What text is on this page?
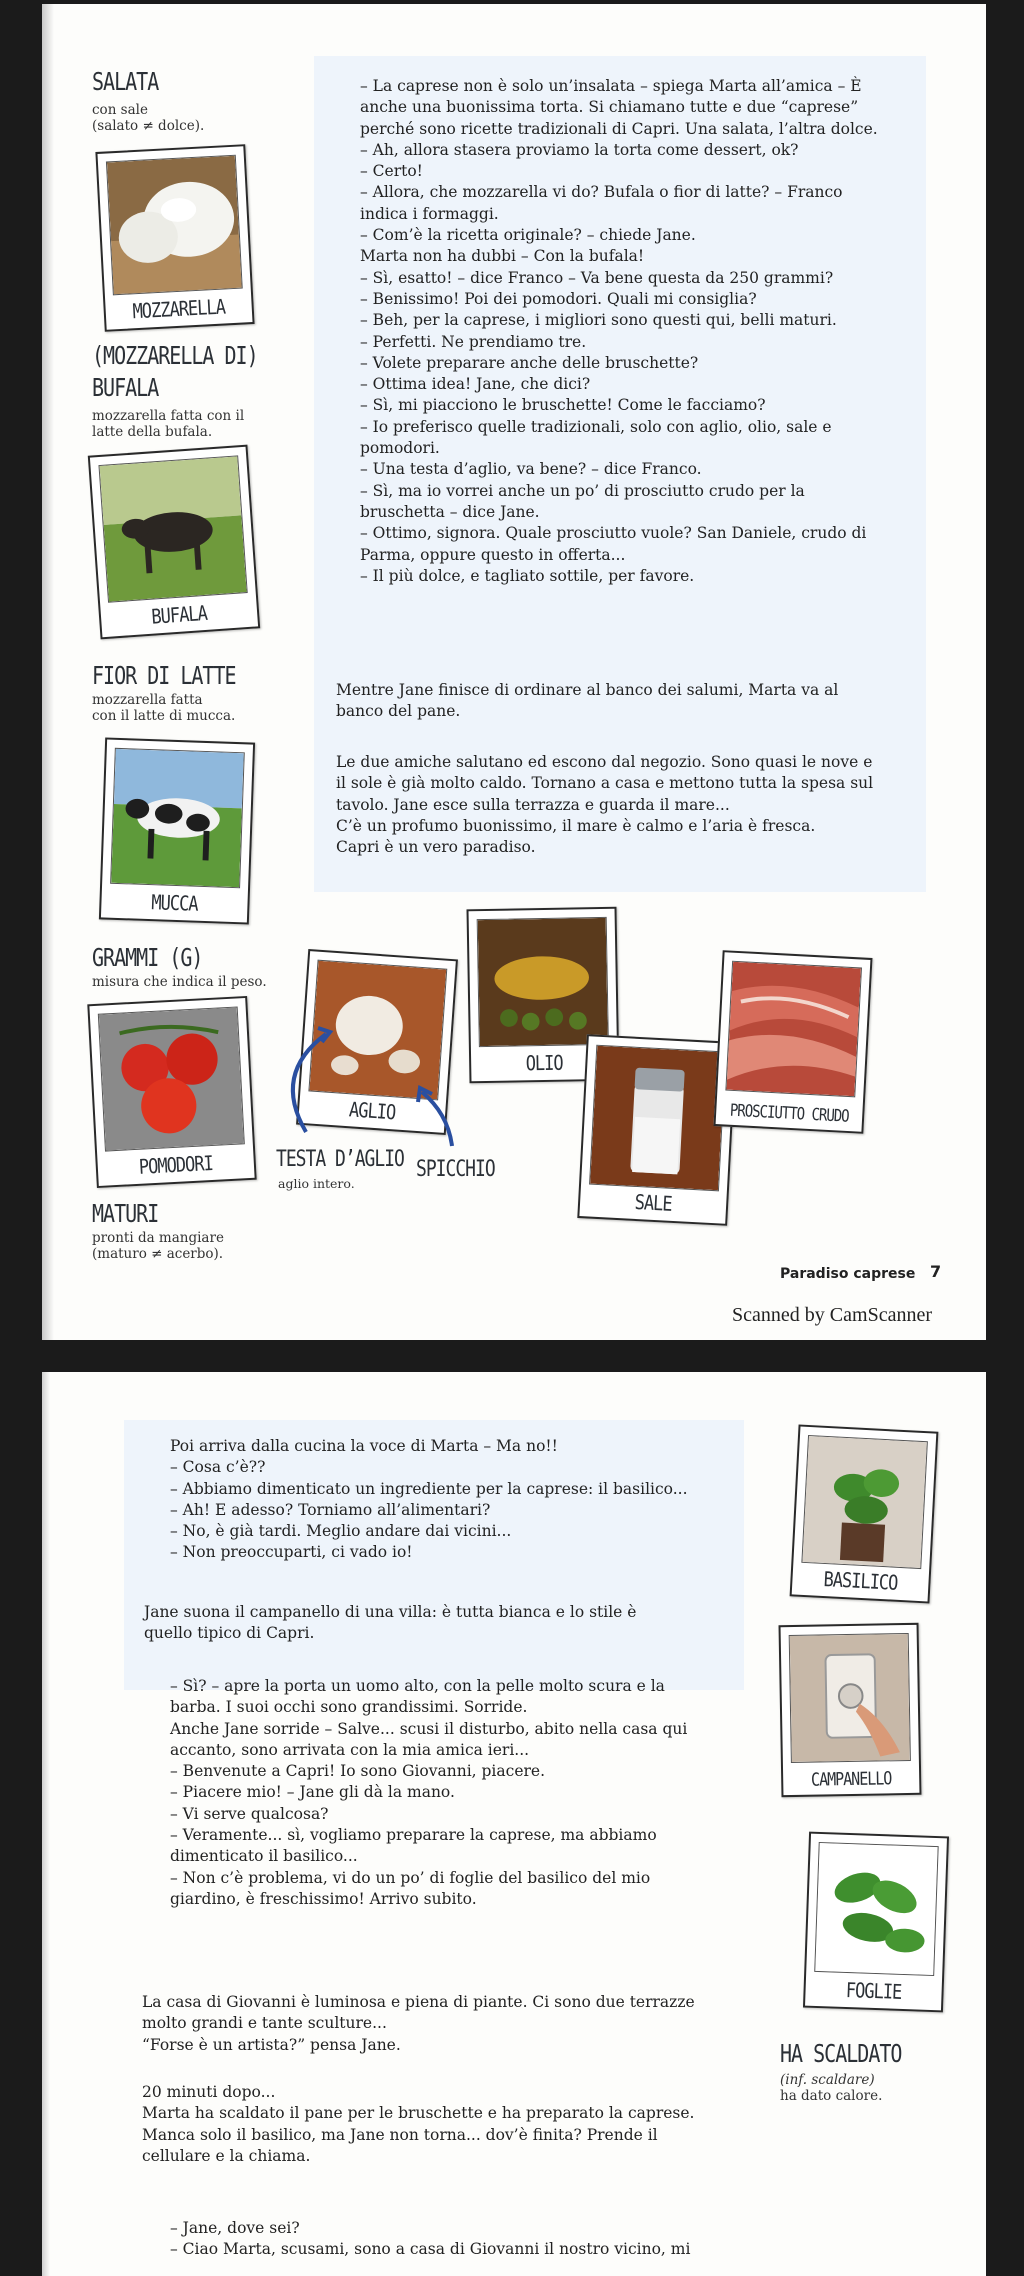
SALATA
con sale
(salato ≠ dolce).
MOZZARELLA
(MOZZARELLA DI)
BUFALA
mozzarella fatta con il
latte della bufala.
BUFALA
FIOR DI LATTE
mozzarella fatta
con il latte di mucca.
MUCCA
GRAMMI (G)
misura che indica il peso.
POMODORI
MATURI
pronti da mangiare
(maturo ≠ acerbo).

– La caprese non è solo un’insalata – spiega Marta all’amica – È

anche una buonissima torta. Si chiamano tutte e due “caprese”

perché sono ricette tradizionali di Capri. Una salata, l’altra dolce.

– Ah, allora stasera proviamo la torta come dessert, ok?

– Certo!

– Allora, che mozzarella vi do? Bufala o fior di latte? – Franco

indica i formaggi.

– Com’è la ricetta originale? – chiede Jane.

Marta non ha dubbi – Con la bufala!

– Sì, esatto! – dice Franco – Va bene questa da 250 grammi?

– Benissimo! Poi dei pomodori. Quali mi consiglia?

– Beh, per la caprese, i migliori sono questi qui, belli maturi.

– Perfetti. Ne prendiamo tre.

– Volete preparare anche delle bruschette?

– Ottima idea! Jane, che dici?

– Sì, mi piacciono le bruschette! Come le facciamo?

– Io preferisco quelle tradizionali, solo con aglio, olio, sale e

pomodori.

– Una testa d’aglio, va bene? – dice Franco.

– Sì, ma io vorrei anche un po’ di prosciutto crudo per la

bruschetta – dice Jane.

– Ottimo, signora. Quale prosciutto vuole? San Daniele, crudo di

Parma, oppure questo in offerta...

– Il più dolce, e tagliato sottile, per favore.

Mentre Jane finisce di ordinare al banco dei salumi, Marta va al

banco del pane.

Le due amiche salutano ed escono dal negozio. Sono quasi le nove e

il sole è già molto caldo. Tornano a casa e mettono tutta la spesa sul

tavolo. Jane esce sulla terrazza e guarda il mare...

C’è un profumo buonissimo, il mare è calmo e l’aria è fresca.

Capri è un vero paradiso.

AGLIO
TESTA D’AGLIO
aglio intero.
SPICCHIO
OLIO
SALE
PROSCIUTTO CRUDO
Paradiso caprese 7
Scanned by CamScanner

Poi arriva dalla cucina la voce di Marta – Ma no!!

– Cosa c’è??

– Abbiamo dimenticato un ingrediente per la caprese: il basilico...

– Ah! E adesso? Torniamo all’alimentari?

– No, è già tardi. Meglio andare dai vicini...

– Non preoccuparti, ci vado io!

Jane suona il campanello di una villa: è tutta bianca e lo stile è

quello tipico di Capri.

– Sì? – apre la porta un uomo alto, con la pelle molto scura e la

barba. I suoi occhi sono grandissimi. Sorride.

Anche Jane sorride – Salve... scusi il disturbo, abito nella casa qui

accanto, sono arrivata con la mia amica ieri...

– Benvenute a Capri! Io sono Giovanni, piacere.

– Piacere mio! – Jane gli dà la mano.

– Vi serve qualcosa?

– Veramente... sì, vogliamo preparare la caprese, ma abbiamo

dimenticato il basilico...

– Non c’è problema, vi do un po’ di foglie del basilico del mio

giardino, è freschissimo! Arrivo subito.

La casa di Giovanni è luminosa e piena di piante. Ci sono due terrazze

molto grandi e tante sculture...

“Forse è un artista?” pensa Jane.

20 minuti dopo...

Marta ha scaldato il pane per le bruschette e ha preparato la caprese.

Manca solo il basilico, ma Jane non torna... dov’è finita? Prende il

cellulare e la chiama.

– Jane, dove sei?

– Ciao Marta, scusami, sono a casa di Giovanni il nostro vicino, mi

BASILICO
CAMPANELLO
FOGLIE
HA SCALDATO
(inf. scaldare)
ha dato calore.
